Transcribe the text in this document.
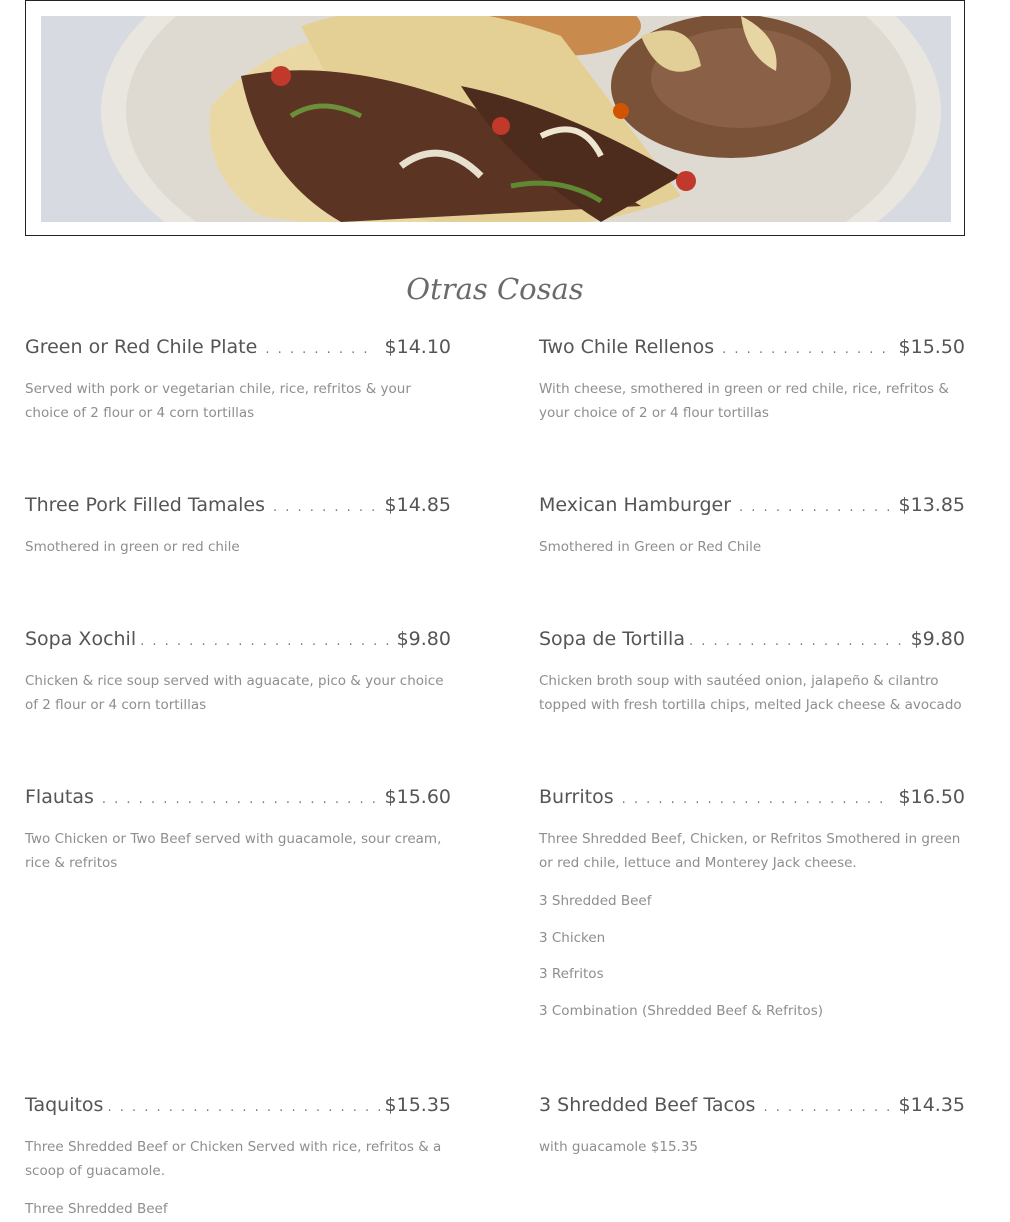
Otras Cosas
Green or Red Chile Plate . . .	$14.10
Served with pork or vegetarian chile, rice, refritos & your choice of 2 flour or 4 corn tortillas
Two Chile Rellenos . . .	$15.50
With cheese, smothered in green or red chile, rice, refritos & your choice of 2 or 4 flour tortillas
Three Pork Filled Tamales . . .	$14.85
Smothered in green or red chile
Mexican Hamburger . . .	$13.85
Smothered in Green or Red Chile
Sopa Xochil . . .	$9.80
Chicken & rice soup served with aguacate, pico & your choice of 2 flour or 4 corn tortillas
Sopa de Tortilla . . .	$9.80
Chicken broth soup with sautéed onion, jalapeño & cilantro topped with fresh tortilla chips, melted Jack cheese & avocado
Flautas . . .	$15.60
Two Chicken or Two Beef served with guacamole, sour cream, rice & refritos
Burritos . . .	$16.50
Three Shredded Beef, Chicken, or Refritos Smothered in green or red chile, lettuce and Monterey Jack cheese.
3 Shredded Beef
3 Chicken
3 Refritos
3 Combination (Shredded Beef & Refritos)
Taquitos . . .	$15.35
Three Shredded Beef or Chicken Served with rice, refritos & a scoop of guacamole.
Three Shredded Beef
3 Shredded Beef Tacos . . .	$14.35
with guacamole $15.35
